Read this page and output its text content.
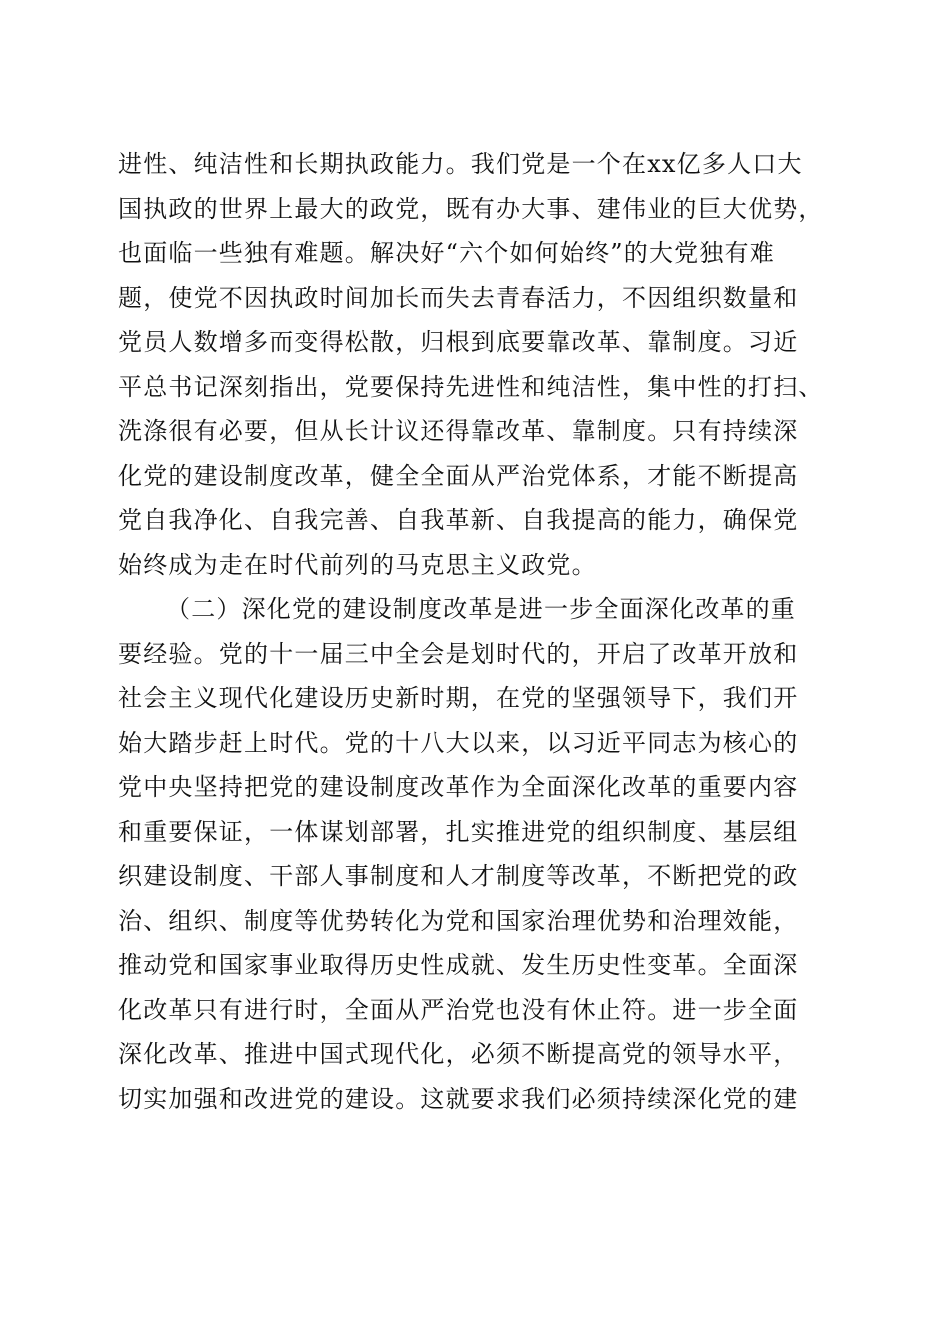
进性、纯洁性和长期执政能力。我们党是一个在xx亿多人口大
国执政的世界上最大的政党，既有办大事、建伟业的巨大优势，
也面临一些独有难题。解决好“六个如何始终”的大党独有难
题，使党不因执政时间加长而失去青春活力，不因组织数量和
党员人数增多而变得松散，归根到底要靠改革、靠制度。习近
平总书记深刻指出，党要保持先进性和纯洁性，集中性的打扫、
洗涤很有必要，但从长计议还得靠改革、靠制度。只有持续深
化党的建设制度改革，健全全面从严治党体系，才能不断提高
党自我净化、自我完善、自我革新、自我提高的能力，确保党
始终成为走在时代前列的马克思主义政党。
（二）深化党的建设制度改革是进一步全面深化改革的重
要经验。党的十一届三中全会是划时代的，开启了改革开放和
社会主义现代化建设历史新时期，在党的坚强领导下，我们开
始大踏步赶上时代。党的十八大以来，以习近平同志为核心的
党中央坚持把党的建设制度改革作为全面深化改革的重要内容
和重要保证，一体谋划部署，扎实推进党的组织制度、基层组
织建设制度、干部人事制度和人才制度等改革，不断把党的政
治、组织、制度等优势转化为党和国家治理优势和治理效能，
推动党和国家事业取得历史性成就、发生历史性变革。全面深
化改革只有进行时，全面从严治党也没有休止符。进一步全面
深化改革、推进中国式现代化，必须不断提高党的领导水平，
切实加强和改进党的建设。这就要求我们必须持续深化党的建
